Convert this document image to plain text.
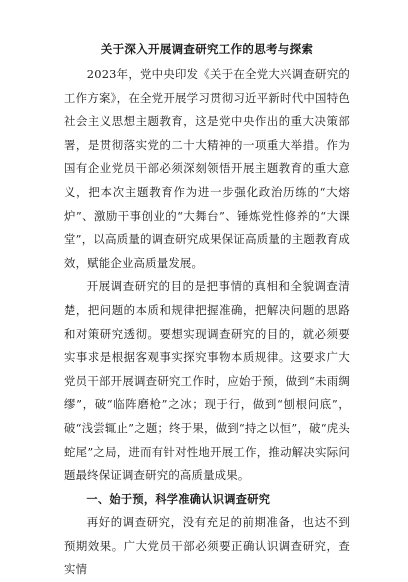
关于深入开展调查研究工作的思考与探索

2023年，党中央印发《关于在全党大兴调查研究的工作方案》，在全党开展学习贯彻习近平新时代中国特色社会主义思想主题教育，这是党中央作出的重大决策部署，是贯彻落实党的二十大精神的一项重大举措。作为国有企业党员干部必须深刻领悟开展主题教育的重大意义，把本次主题教育作为进一步强化政治历练的“大熔炉”、激励干事创业的“大舞台”、锤炼党性修养的“大课堂”，以高质量的调查研究成果保证高质量的主题教育成效，赋能企业高质量发展。

开展调查研究的目的是把事情的真相和全貌调查清楚，把问题的本质和规律把握准确，把解决问题的思路和对策研究透彻。要想实现调查研究的目的，就必须要实事求是根据客观事实探究事物本质规律。这要求广大党员干部开展调查研究工作时，应始于预，做到“未雨绸缪”，破“临阵磨枪”之冰；现于行，做到“刨根问底”，破“浅尝辄止”之题；终于果，做到“持之以恒”，破“虎头蛇尾”之局，进而有针对性地开展工作，推动解决实际问题最终保证调查研究的高质量成果。

一、始于预，科学准确认识调查研究

再好的调查研究，没有充足的前期准备，也达不到预期效果。广大党员干部必须要正确认识调查研究，查实情
